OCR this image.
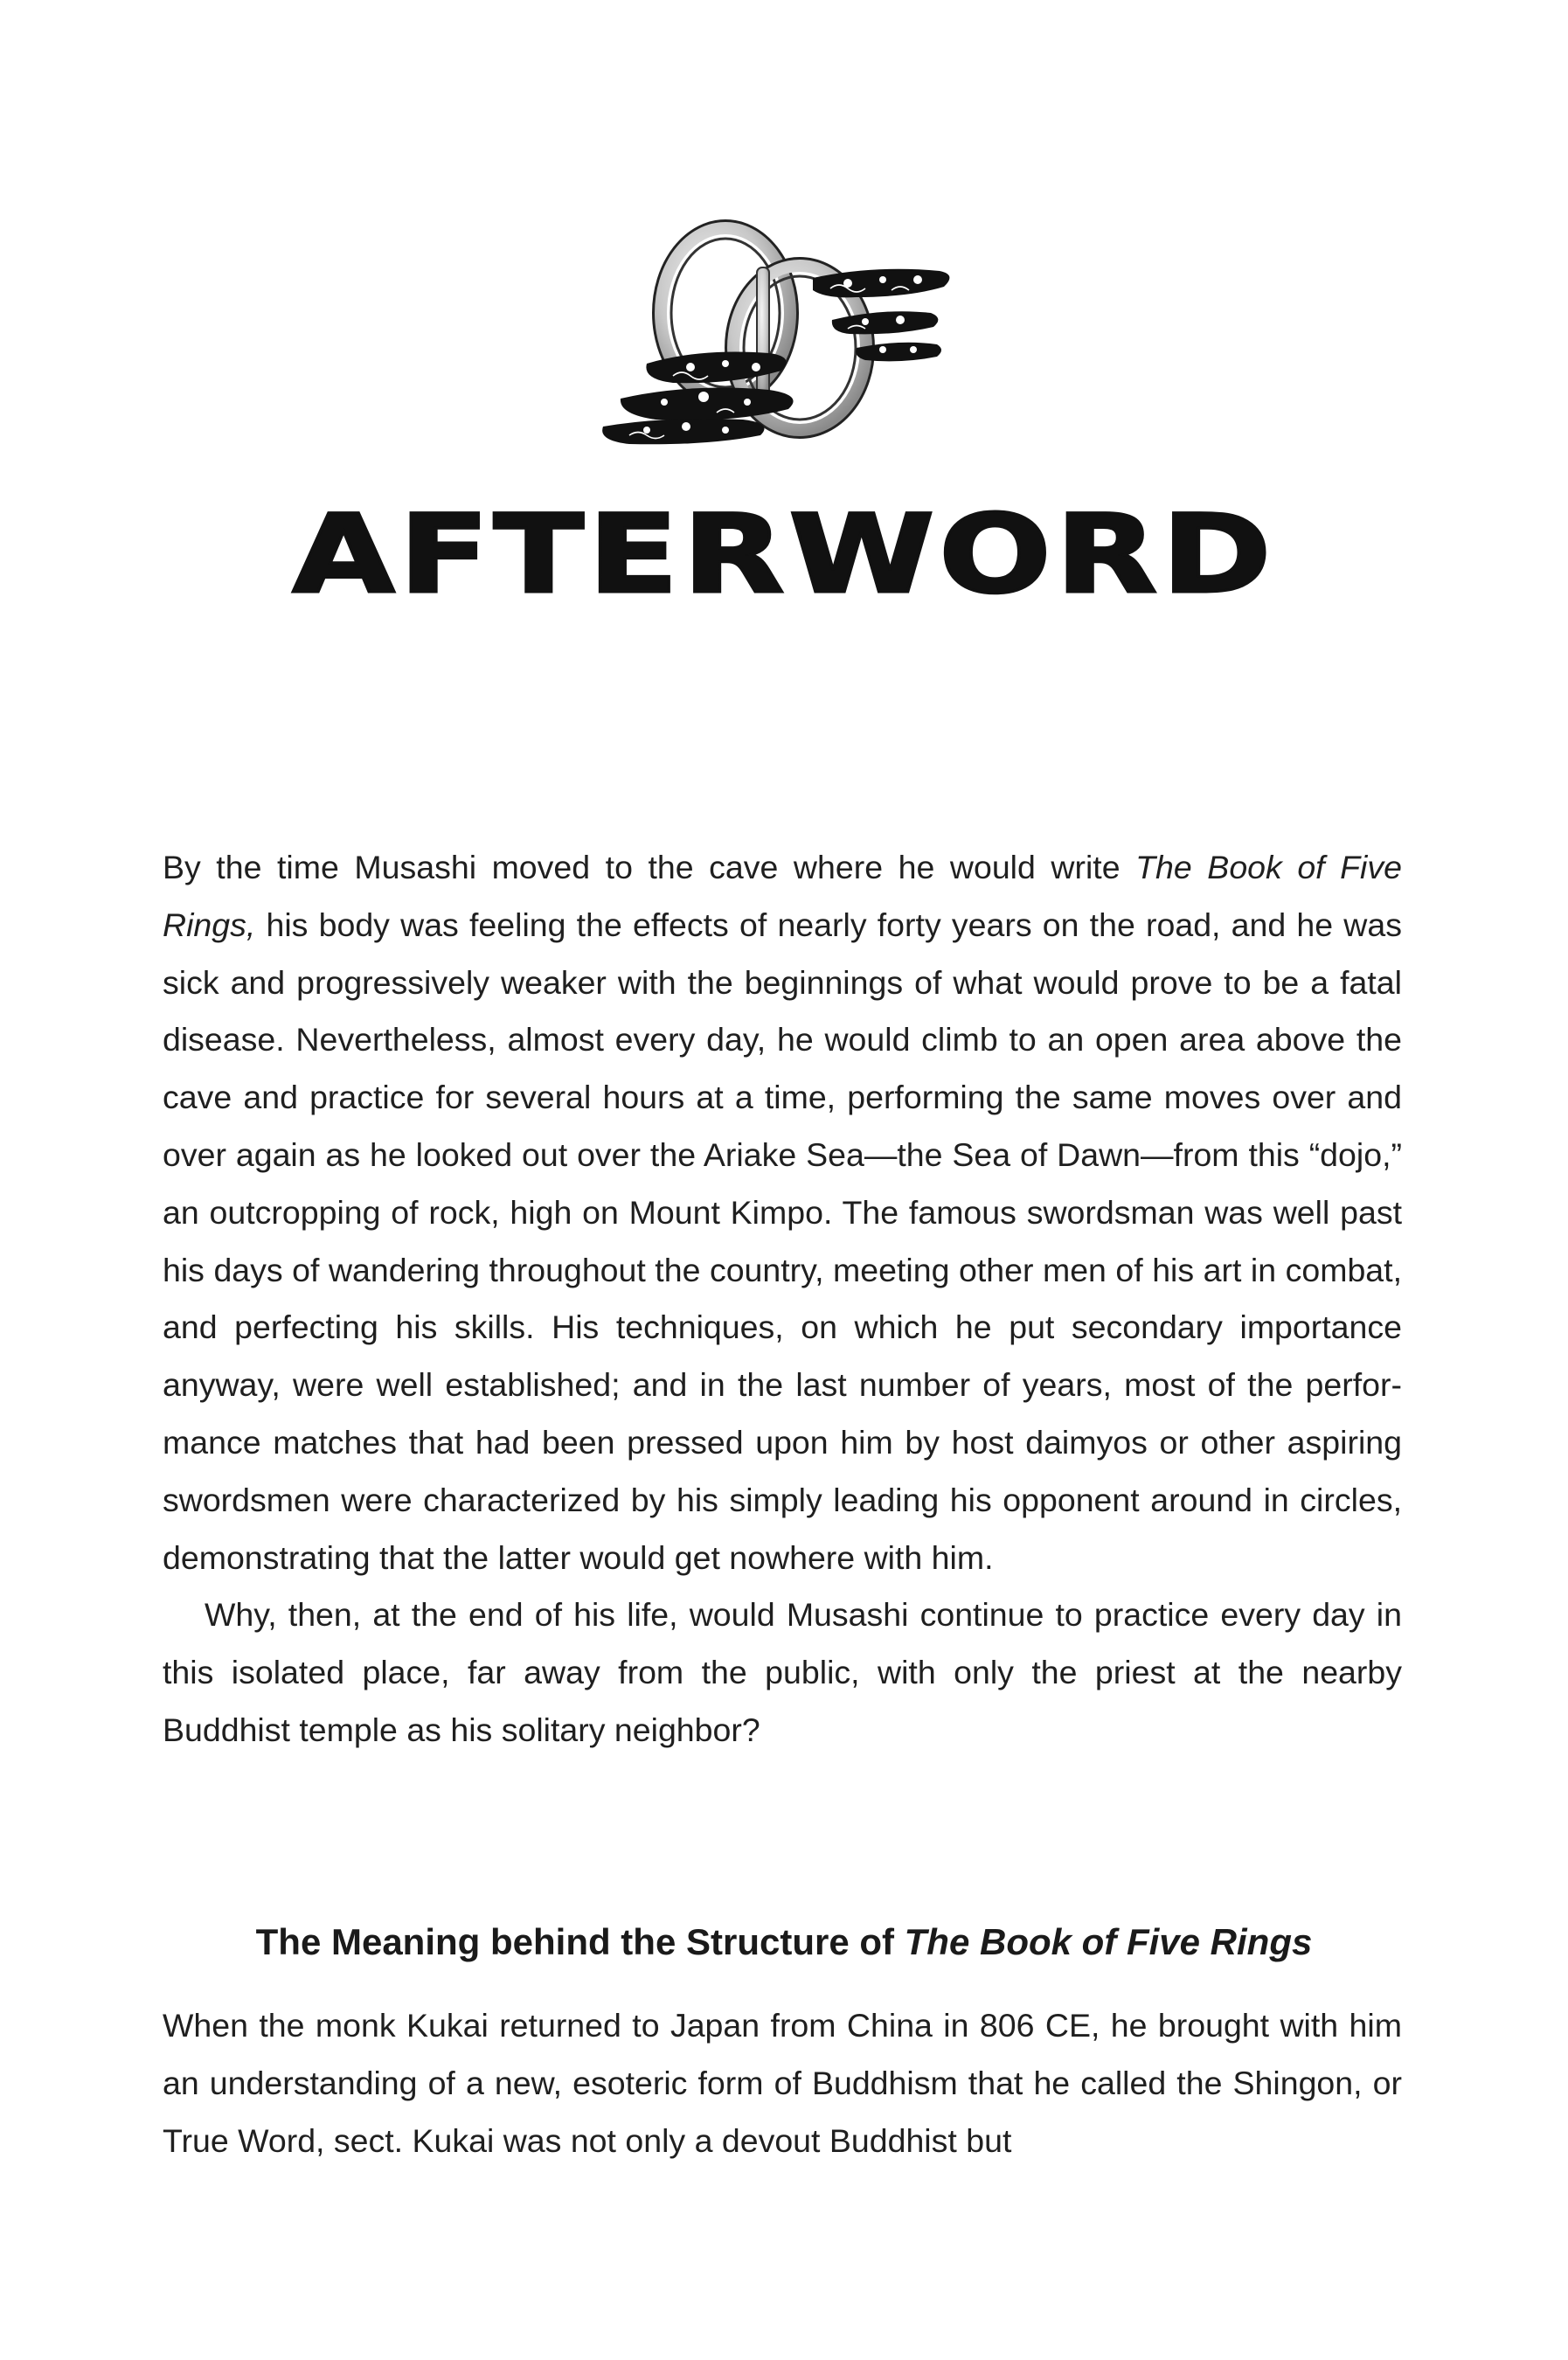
AFTERWORD

By the time Musashi moved to the cave where he would write The Book of Five Rings, his body was feeling the effects of nearly forty years on the road, and he was sick and progressively weaker with the beginnings of what would prove to be a fatal disease. Nevertheless, almost every day, he would climb to an open area above the cave and practice for several hours at a time, performing the same moves over and over again as he looked out over the Ariake Sea—the Sea of Dawn—from this “dojo,” an outcropping of rock, high on Mount Kimpo. The famous swordsman was well past his days of wandering throughout the country, meeting other men of his art in combat, and perfecting his skills. His techniques, on which he put secondary importance anyway, were well established; and in the last number of years, most of the performance matches that had been pressed upon him by host daimyos or other aspiring swordsmen were characterized by his simply leading his opponent around in circles, demonstrating that the latter would get nowhere with him.

Why, then, at the end of his life, would Musashi continue to practice every day in this isolated place, far away from the public, with only the priest at the nearby Buddhist temple as his solitary neighbor?

The Meaning behind the Structure of The Book of Five Rings

When the monk Kukai returned to Japan from China in 806 CE, he brought with him an understanding of a new, esoteric form of Buddhism that he called the Shingon, or True Word, sect. Kukai was not only a devout Buddhist but
